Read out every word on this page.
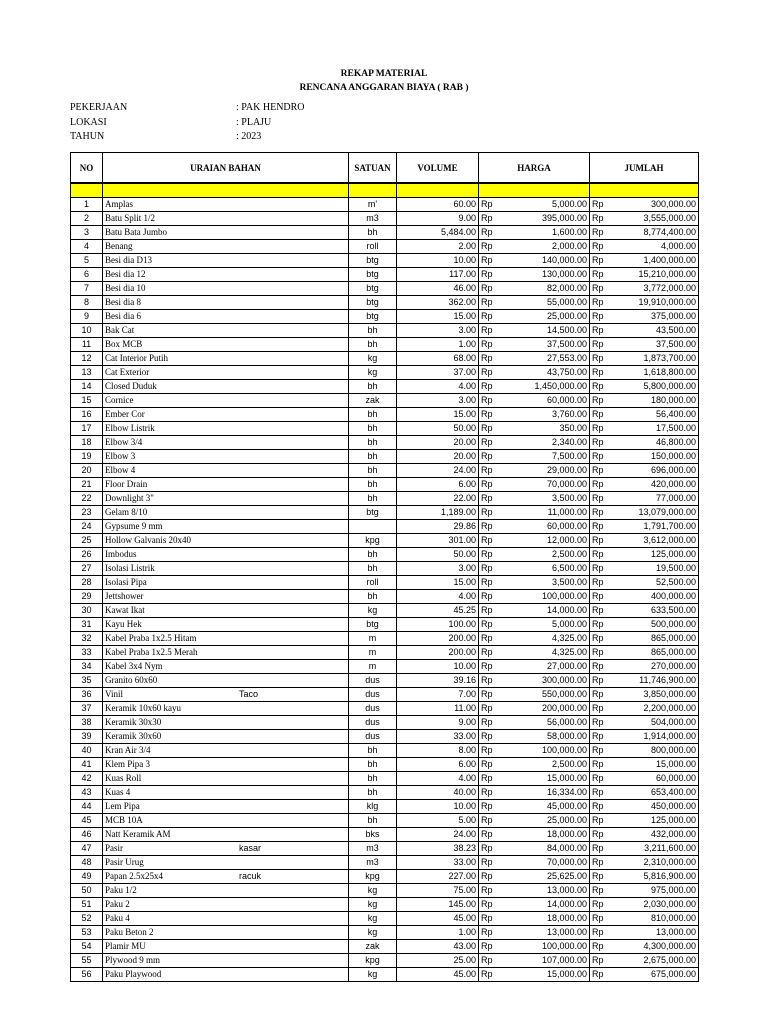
REKAP MATERIAL
RENCANA ANGGARAN BIAYA ( RAB )
PEKERJAAN	: PAK HENDRO
LOKASI	: PLAJU
TAHUN	: 2023
NO	URAIAN BAHAN	SATUAN	VOLUME	HARGA		JUMLAH	

1	Amplas	m'	60.00	Rp	5,000.00	Rp	300,000.00
2	Batu Split 1/2	m3	9.00	Rp	395,000.00	Rp	3,555,000.00
3	Batu Bata Jumbo	bh	5,484.00	Rp	1,600.00	Rp	8,774,400.00
4	Benang	roll	2.00	Rp	2,000.00	Rp	4,000.00
5	Besi dia D13	btg	10.00	Rp	140,000.00	Rp	1,400,000.00
6	Besi dia 12	btg	117.00	Rp	130,000.00	Rp	15,210,000.00
7	Besi dia 10	btg	46.00	Rp	82,000.00	Rp	3,772,000.00
8	Besi dia 8	btg	362.00	Rp	55,000.00	Rp	19,910,000.00
9	Besi dia 6	btg	15.00	Rp	25,000.00	Rp	375,000.00
10	Bak Cat	bh	3.00	Rp	14,500.00	Rp	43,500.00
11	Box MCB	bh	1.00	Rp	37,500.00	Rp	37,500.00
12	Cat Interior Putih	kg	68.00	Rp	27,553.00	Rp	1,873,700.00
13	Cat Exterior	kg	37.00	Rp	43,750.00	Rp	1,618,800.00
14	Closed Duduk	bh	4.00	Rp	1,450,000.00	Rp	5,800,000.00
15	Cornice	zak	3.00	Rp	60,000.00	Rp	180,000.00
16	Ember Cor	bh	15.00	Rp	3,760.00	Rp	56,400.00
17	Elbow Listrik	bh	50.00	Rp	350.00	Rp	17,500.00
18	Elbow 3/4	bh	20.00	Rp	2,340.00	Rp	46,800.00
19	Elbow 3	bh	20.00	Rp	7,500.00	Rp	150,000.00
20	Elbow 4	bh	24.00	Rp	29,000.00	Rp	696,000.00
21	Floor Drain	bh	6.00	Rp	70,000.00	Rp	420,000.00
22	Downlight 3"	bh	22.00	Rp	3,500.00	Rp	77,000.00
23	Gelam 8/10	btg	1,189.00	Rp	11,000.00	Rp	13,079,000.00
24	Gypsume 9 mm		29.86	Rp	60,000.00	Rp	1,791,700.00
25	Hollow Galvanis 20x40	kpg	301.00	Rp	12,000.00	Rp	3,612,000.00
26	Imbodus	bh	50.00	Rp	2,500.00	Rp	125,000.00
27	Isolasi Listrik	bh	3.00	Rp	6,500.00	Rp	19,500.00
28	Isolasi Pipa	roll	15.00	Rp	3,500.00	Rp	52,500.00
29	Jettshower	bh	4.00	Rp	100,000.00	Rp	400,000.00
30	Kawat Ikat	kg	45.25	Rp	14,000.00	Rp	633,500.00
31	Kayu Hek	btg	100.00	Rp	5,000.00	Rp	500,000.00
32	Kabel Praba 1x2.5 Hitam	m	200.00	Rp	4,325.00	Rp	865,000.00
33	Kabel Praba 1x2.5 Merah	m	200.00	Rp	4,325.00	Rp	865,000.00
34	Kabel 3x4 Nym	m	10.00	Rp	27,000.00	Rp	270,000.00
35	Granito 60x60	dus	39.16	Rp	300,000.00	Rp	11,746,900.00
36	Vinil Taco	dus	7.00	Rp	550,000.00	Rp	3,850,000.00
37	Keramik 10x60 kayu	dus	11.00	Rp	200,000.00	Rp	2,200,000.00
38	Keramik 30x30	dus	9.00	Rp	56,000.00	Rp	504,000.00
39	Keramik 30x60	dus	33.00	Rp	58,000.00	Rp	1,914,000.00
40	Kran Air 3/4	bh	8.00	Rp	100,000.00	Rp	800,000.00
41	Klem Pipa 3	bh	6.00	Rp	2,500.00	Rp	15,000.00
42	Kuas Roll	bh	4.00	Rp	15,000.00	Rp	60,000.00
43	Kuas 4	bh	40.00	Rp	16,334.00	Rp	653,400.00
44	Lem Pipa	klg	10.00	Rp	45,000.00	Rp	450,000.00
45	MCB 10A	bh	5.00	Rp	25,000.00	Rp	125,000.00
46	Natt Keramik AM	bks	24.00	Rp	18,000.00	Rp	432,000.00
47	Pasir kasar	m3	38.23	Rp	84,000.00	Rp	3,211,600.00
48	Pasir Urug	m3	33.00	Rp	70,000.00	Rp	2,310,000.00
49	Papan 2.5x25x4 racuk	kpg	227.00	Rp	25,625.00	Rp	5,816,900.00
50	Paku 1/2	kg	75.00	Rp	13,000.00	Rp	975,000.00
51	Paku 2	kg	145.00	Rp	14,000.00	Rp	2,030,000.00
52	Paku 4	kg	45.00	Rp	18,000.00	Rp	810,000.00
53	Paku Beton 2	kg	1.00	Rp	13,000.00	Rp	13,000.00
54	Plamir MU	zak	43.00	Rp	100,000.00	Rp	4,300,000.00
55	Plywood 9 mm	kpg	25.00	Rp	107,000.00	Rp	2,675,000.00
56	Paku Playwood	kg	45.00	Rp	15,000.00	Rp	675,000.00
